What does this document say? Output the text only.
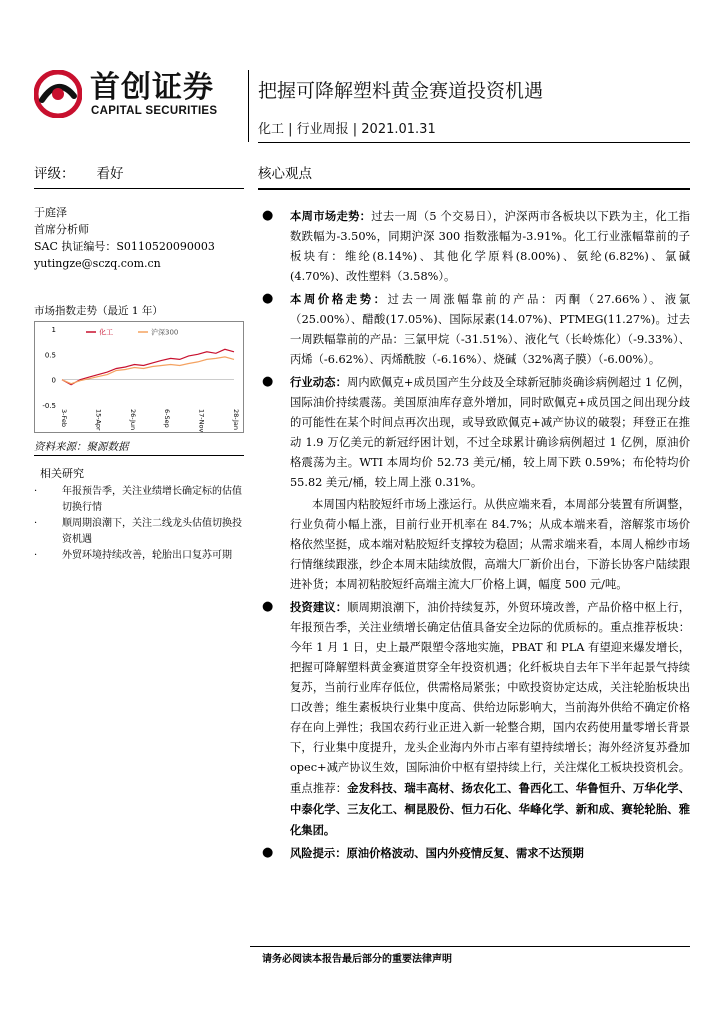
首创证券
CAPITAL SECURITIES
把握可降解塑料黄金赛道投资机遇
化工 | 行业周报 | 2021.01.31
评级： 看好
于庭泽
首席分析师
SAC 执证编号：S0110520090003
yutingze@sczq.com.cn
市场指数走势（最近 1 年）
1
0.5
0
-0.5
3-Feb	15-Apr	26-Jun	6-Sep	17-Nov	28-Jan
化工	沪深300
资料来源：聚源数据
相关研究
· 年报预告季，关注业绩增长确定标的估值切换行情
· 顺周期浪潮下，关注二线龙头估值切换投资机遇
· 外贸环境持续改善，轮胎出口复苏可期
核心观点
● 本周市场走势：过去一周（5 个交易日），沪深两市各板块以下跌为主，化工指数跌幅为-3.50%，同期沪深 300 指数涨幅为-3.91%。化工行业涨幅靠前的子板块有：维纶(8.14%)、其他化学原料(8.00%)、氨纶(6.82%)、氯碱(4.70%)、改性塑料（3.58%）。
● 本周价格走势：过去一周涨幅靠前的产品：丙酮（27.66%）、液氯（25.00%）、醋酸(17.05%)、国际尿素(14.07%)、PTMEG(11.27%)。过去一周跌幅靠前的产品：三氯甲烷（-31.51%）、液化气（长岭炼化）（-9.33%）、丙烯（-6.62%）、丙烯酰胺（-6.16%）、烧碱（32%离子膜）（-6.00%）。
● 行业动态：周内欧佩克+成员国产生分歧及全球新冠肺炎确诊病例超过 1 亿例，国际油价持续震荡。美国原油库存意外增加，同时欧佩克+成员国之间出现分歧的可能性在某个时间点再次出现，或导致欧佩克+减产协议的破裂；拜登正在推动 1.9 万亿美元的新冠纾困计划，不过全球累计确诊病例超过 1 亿例，原油价格震荡为主。WTI 本周均价 52.73 美元/桶，较上周下跌 0.59%；布伦特均价 55.82 美元/桶，较上周上涨 0.31%。
本周国内粘胶短纤市场上涨运行。从供应端来看，本周部分装置有所调整，行业负荷小幅上涨，目前行业开机率在 84.7%；从成本端来看，溶解浆市场价格依然坚挺，成本端对粘胶短纤支撑较为稳固；从需求端来看，本周人棉纱市场行情继续跟涨，纱企本周末陆续放假，高端大厂新价出台，下游长协客户陆续跟进补货；本周初粘胶短纤高端主流大厂价格上调，幅度 500 元/吨。
● 投资建议：顺周期浪潮下，油价持续复苏，外贸环境改善，产品价格中枢上行，年报预告季，关注业绩增长确定估值具备安全边际的优质标的。重点推荐板块：今年 1 月 1 日，史上最严限塑令落地实施，PBAT 和 PLA 有望迎来爆发增长，把握可降解塑料黄金赛道贯穿全年投资机遇；化纤板块自去年下半年起景气持续复苏，当前行业库存低位，供需格局紧张；中欧投资协定达成，关注轮胎板块出口改善；维生素板块行业集中度高、供给边际影响大，当前海外供给不确定价格存在向上弹性；我国农药行业正进入新一轮整合期，国内农药使用量零增长背景下，行业集中度提升，龙头企业海内外市占率有望持续增长；海外经济复苏叠加 opec+减产协议生效，国际油价中枢有望持续上行，关注煤化工板块投资机会。重点推荐：金发科技、瑞丰高材、扬农化工、鲁西化工、华鲁恒升、万华化学、中泰化学、三友化工、桐昆股份、恒力石化、华峰化学、新和成、赛轮轮胎、雅化集团。
● 风险提示：原油价格波动、国内外疫情反复、需求不达预期
请务必阅读本报告最后部分的重要法律声明
